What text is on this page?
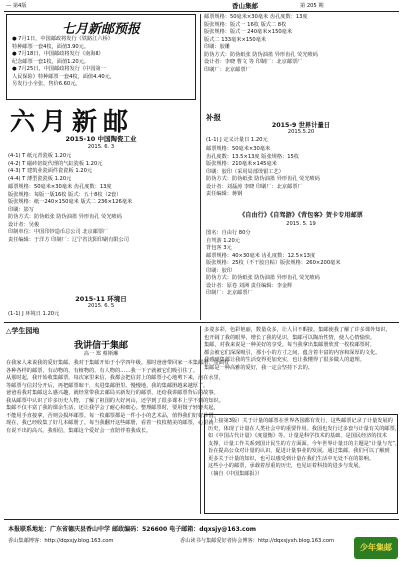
— 第4版	香山集邮	第 205 期
七月新邮预报
● 7月1日，中国邮政将发行《铁路江六桥》
特种邮票一套4枚，面值3.90元。
● 7月18日，中国邮政将发行《南海Ⅱ》
纪念邮票一套1枚，面值1.20元。
● 7月25日，中国邮政将发行《中国第一
人民保险》特种邮票一套4枚，面值4.40元，
另发行小全张，售价6.60元。
六月新邮
2015-10 中国陶瓷工业
2015. 6. 3
(4-1) T 纸元青瓷板 1.20元
(4-2) T 磁砖铝锭代理的气缸瓷板 1.20元
(4-3) T 建筑业瓷面件瓷瓷板 1.20元
(4-4) T 薄型瓷瓷板 1.20元
邮票规格：50毫米×30毫米 齿孔度数：13度
版张规格：每版一版16枚 版式：五十8枚（2套）
版张规格：纸一240×150毫米 版式二 236×126毫米
印刷：影写
防伪方式：防伪纸张 防伪油墨 异形齿孔 荧光喷码
设计者：吴俊
印制单位：中国印钞造币总公司 北京邮票厂
责任编辑：于洋方 印制厂：辽宁省沈阳印刷有限公司
2015-11 环境日
2015. 6. 5
(1-1) J 环境日 1.20元
邮票规格：50毫米×30毫米 齿孔度数：13度
版张规格：版式一 16枚 版式二 8枚
版张规格：版式一 240毫米×150毫米
版式二 133毫米×150毫米
印刷：胶雕
防伪方式：防伪纸张 防伪油墨 异形齿孔 荧光喷码
设计者：李晓 曹文 等 印制厂：北京邮票厂
印刷厂：北京邮票厂
补报
2015-9 世界计量日
2015.5.20
(1-1) J 定义计量日 1.20元
邮票规格：50毫米×30毫米
齿孔度数：13.5×13度 版张规格：15枚
版张规格：210毫米×145毫米
印刷：胶印（采用局部烫银工艺）
防伪方式：防伪纸张 防伪油墨 异形齿孔 荧光喷码
设计者：刘磊涛 李晓 印刷厂：北京邮票厂
责任编辑：蒋钢
《自由行》《自驾游》《背包客》贺卡专用邮票
2015. 5. 19
图名：自由行 80分
自驾游 1.20元
背包客 3元
邮票规格：40×30毫米 齿孔度数：12.5×13度
版张规格：25枚（不干胶自粘）版张规格：260×200毫米
印刷：胶印
防伪方式：防伪纸张 防伪油墨 异形齿孔 荧光喷码
设计者：原卷 刘洲 责任编辑：李金辉
印制厂：北京邮票厂
△学生园地
我讲信于集邮
高一 郑 蔡斯琳
在我家人来说我的爱好集邮。我对于集邮开始于小学四年级。那时爸爸带回家一本集邮册，里面有
各种各样的邮票，有动物的、有植物的、有人物的……我一下子就被它们吸引住了。
从那时起，我开始收集邮票。每次家里来信，我都会把信封上的邮票小心地剪下来，泡在水里，
等邮票与信封分开后，再把邮票晾干，夹进集邮册里。慢慢地，我的集邮册越来越厚了。
爸爸看我对集邮这么感兴趣，就经常带我去邮局买新发行的邮票，还给我讲邮票背后的故事。
我从邮票中认识了许多历史人物，了解了祖国的大好河山，还学到了很多课本上学不到的知识。
集邮不仅丰富了我的课余生活，还让我学会了耐心和细心。整理邮票时，要用镊子轻轻夹起，
不能用手直接拿，否则会损坏邮票。每一枚邮票都是一件小小的艺术品，值得我们好好珍惜。
现在，我已经收集了好几本邮册了。每当我翻开这些邮册，看着一枚枚精美的邮票，心里就
有说不出的高兴。我相信，集邮这个爱好会一直陪伴着我成长。
多姿多彩，色彩艳丽，数量众多，让人目不暇接。集邮使我了解了许多课外知识，
也开阔了我的眼界，增长了我的见识，集邮可以陶冶性情，使人心情愉快。
集邮，对我来说是一种美好的享受。每当我拿出集邮册欣赏一枚枚邮票时，
都会被它们深深吸引，那小小的方寸之间，蕴含着丰富的内容和深厚的文化。
我感到集邮让我的生活变得更加充实，也让我懂得了很多做人的道理。
集邮是一种高雅的爱好，我一定会坚持下去的。
（上接第3版）关于计量的邮票在世界各国都有发行，这些邮票记录了计量发展的
历史，体现了计量在人类社会中的重要作用。我国也发行过多套与计量有关的邮票，
如《中国古代计量》《度量衡》等。计量是科学技术的基础，是国民经济的技术
支撑，计量工作关系到国计民生的方方面面。今年世界计量日的主题是“计量与光”，
旨在提高公众对计量的认识，促进计量事业的发展。通过集邮，我们可以了解到
更多关于计量的知识，也可以感受到计量在我们生活中无处不在的影响。
这些小小的邮票，承载着厚重的历史，也见证着科技的进步与发展。
（摘自《中国集邮报》）
本报联系地址：广东省德庆县香山中学 邮政编码：526600 电子邮箱：dqxsjy@163.com
香山集邮博客：http://dqxsjy.blog.163.com	香山读书与集邮爱好者协会博客：http://dqxsjyxh.blog.163.com
少年集邮
